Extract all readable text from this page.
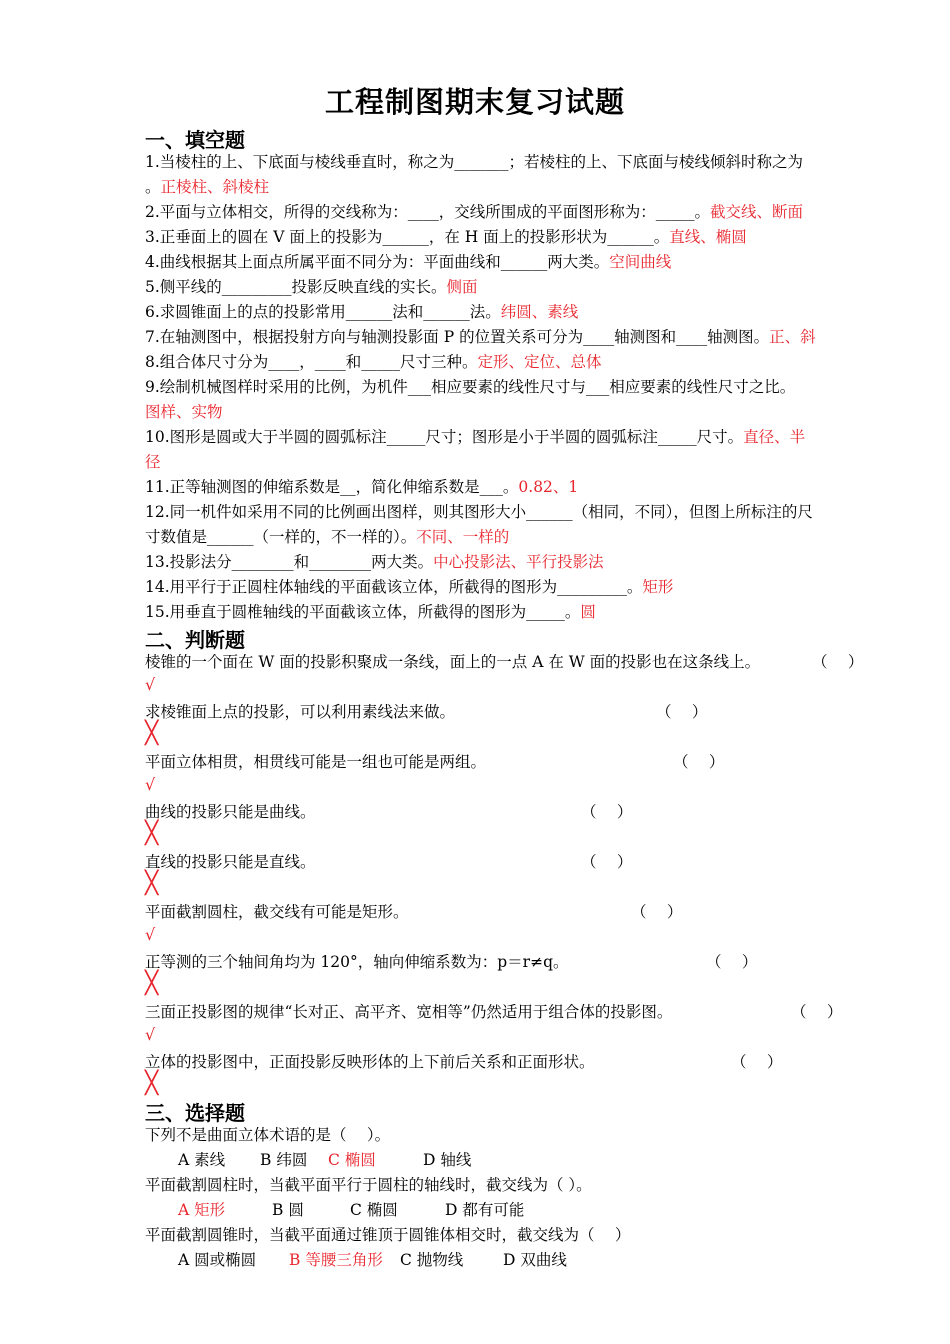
工程制图期末复习试题
一、填空题
1.当棱柱的上、下底面与棱线垂直时，称之为_______；若棱柱的上、下底面与棱线倾斜时称之为
。正棱柱、斜棱柱
2.平面与立体相交，所得的交线称为：____，交线所围成的平面图形称为：_____。截交线、断面
3.正垂面上的圆在 V 面上的投影为______，在 H 面上的投影形状为______。直线、椭圆
4.曲线根据其上面点所属平面不同分为：平面曲线和______两大类。空间曲线
5.侧平线的_________投影反映直线的实长。侧面
6.求圆锥面上的点的投影常用______法和______法。纬圆、素线
7.在轴测图中，根据投射方向与轴测投影面 P 的位置关系可分为____轴测图和____轴测图。正、斜
8.组合体尺寸分为____，____和_____尺寸三种。定形、定位、总体
9.绘制机械图样时采用的比例，为机件___相应要素的线性尺寸与___相应要素的线性尺寸之比。
图样、实物
10.图形是圆或大于半圆的圆弧标注_____尺寸；图形是小于半圆的圆弧标注_____尺寸。直径、半
径
11.正等轴测图的伸缩系数是__，简化伸缩系数是___。0.82、1
12.同一机件如采用不同的比例画出图样，则其图形大小______（相同，不同），但图上所标注的尺
寸数值是______（一样的，不一样的）。不同、一样的
13.投影法分________和________两大类。中心投影法、平行投影法
14.用平行于正圆柱体轴线的平面截该立体，所截得的图形为_________。矩形
15.用垂直于圆椎轴线的平面截该立体，所截得的图形为_____。圆
二、判断题
棱锥的一个面在 W 面的投影积聚成一条线，面上的一点 A 在 W 面的投影也在这条线上。	（　 ）
√
求棱锥面上点的投影，可以利用素线法来做。	（　 ）
╳
平面立体相贯，相贯线可能是一组也可能是两组。	（　 ）
√
曲线的投影只能是曲线。	（　 ）
╳
直线的投影只能是直线。	（　 ）
╳
平面截割圆柱，截交线有可能是矩形。	（　 ）
√
正等测的三个轴间角均为 120°，轴向伸缩系数为：p＝r≠q。	（　 ）
╳
三面正投影图的规律“长对正、高平齐、宽相等”仍然适用于组合体的投影图。	（　 ）
√
立体的投影图中，正面投影反映形体的上下前后关系和正面形状。	（　 ）
╳
三、选择题
下列不是曲面立体术语的是（　 ）。
A 素线 B 纬圆 C 椭圆	D 轴线
平面截割圆柱时，当截平面平行于圆柱的轴线时，截交线为（ ）。
A 矩形	B 圆	C 椭圆	D 都有可能
平面截割圆锥时，当截平面通过锥顶于圆锥体相交时，截交线为（　 ）
A 圆或椭圆 B 等腰三角形 C 抛物线	D 双曲线
